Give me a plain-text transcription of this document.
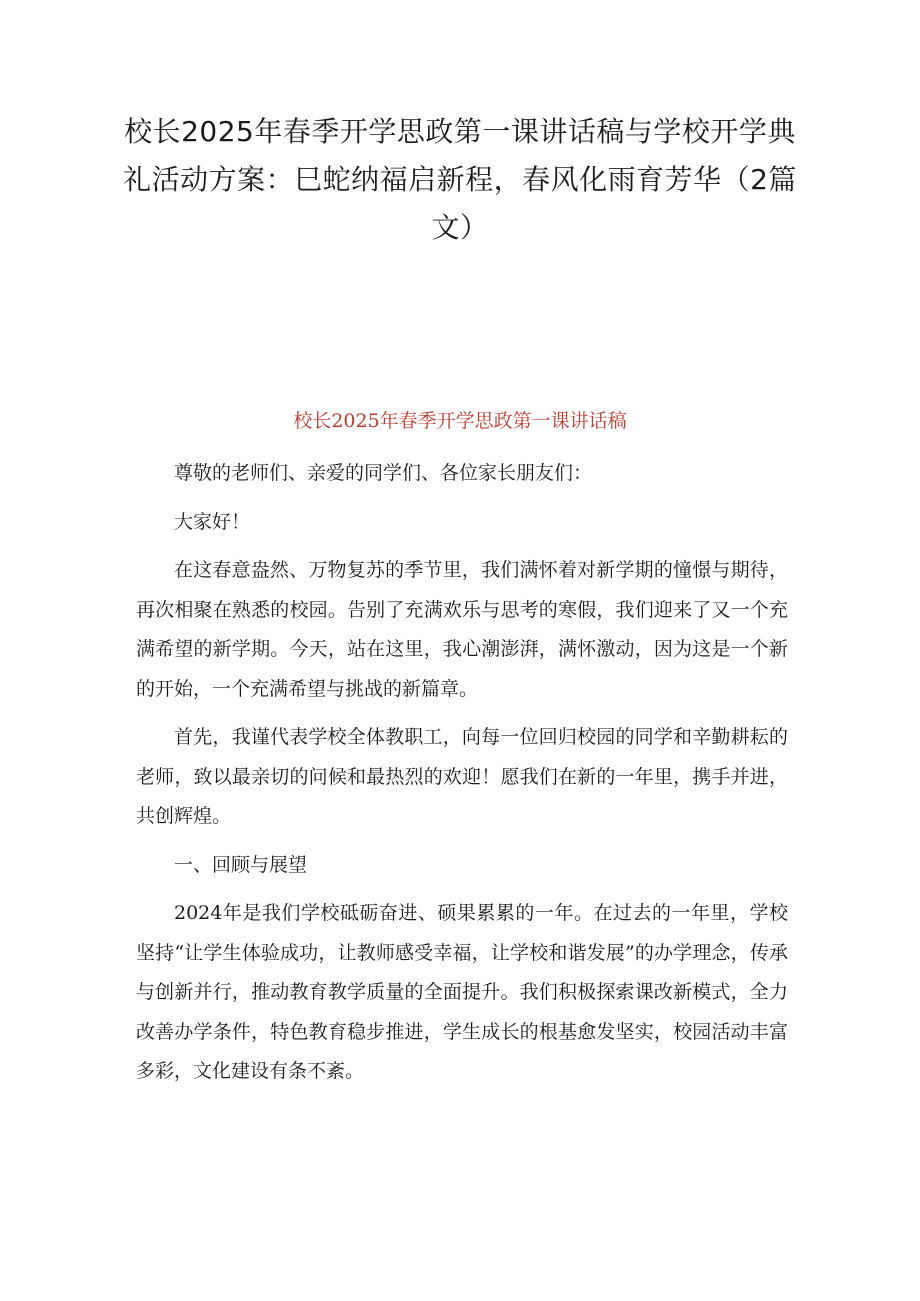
校长2025年春季开学思政第一课讲话稿与学校开学典礼活动方案：巳蛇纳福启新程，春风化雨育芳华（2篇文）
校长2025年春季开学思政第一课讲话稿

尊敬的老师们、亲爱的同学们、各位家长朋友们：

大家好！

在这春意盎然、万物复苏的季节里，我们满怀着对新学期的憧憬与期待，再次相聚在熟悉的校园。告别了充满欢乐与思考的寒假，我们迎来了又一个充满希望的新学期。今天，站在这里，我心潮澎湃，满怀激动，因为这是一个新的开始，一个充满希望与挑战的新篇章。

首先，我谨代表学校全体教职工，向每一位回归校园的同学和辛勤耕耘的老师，致以最亲切的问候和最热烈的欢迎！愿我们在新的一年里，携手并进，共创辉煌。

一、回顾与展望

2024年是我们学校砥砺奋进、硕果累累的一年。在过去的一年里，学校坚持“让学生体验成功，让教师感受幸福，让学校和谐发展”的办学理念，传承与创新并行，推动教育教学质量的全面提升。我们积极探索课改新模式，全力改善办学条件，特色教育稳步推进，学生成长的根基愈发坚实，校园活动丰富多彩，文化建设有条不紊。
